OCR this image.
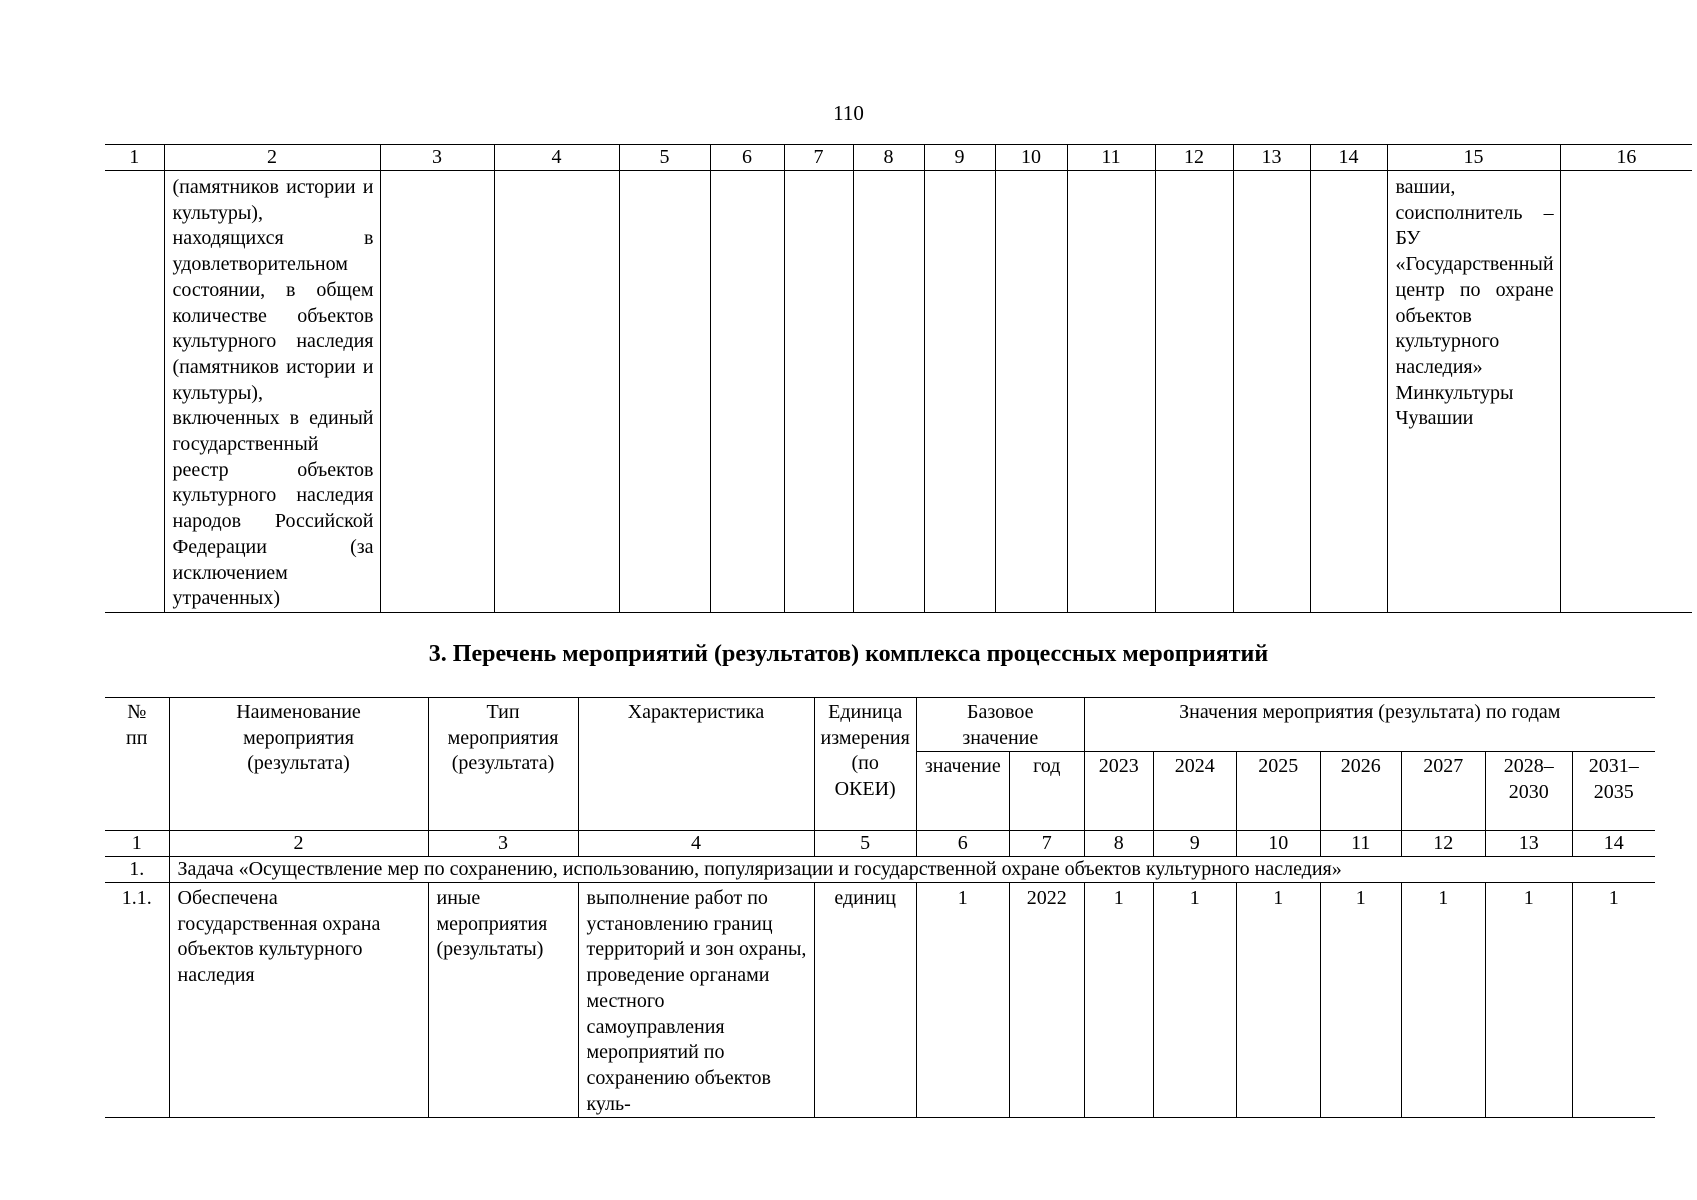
110
1	2	3	4	5	6	7	8	9	10	11	12	13	14	15	16
	(памятников истории и культуры), находящихся в удовлетворительном состоянии, в общем количестве объектов культурного наследия (памятников истории и культуры), включенных в единый государственный реестр объектов культурного наследия народов Российской Федерации (за исключением утраченных)													вашии, соисполнитель – БУ «Государственный центр по охране объектов культурного наследия» Минкультуры Чувашии	
3. Перечень мероприятий (результатов) комплекса процессных мероприятий
№ пп	Наименование мероприятия (результата)	Тип мероприятия (результата)	Характеристика	Единица измерения (по ОКЕИ)	Базовое значение		Значения мероприятия (результата) по годам						
					значение	год	2023	2024	2025	2026	2027	2028–2030	2031–2035
1	2	3	4	5	6	7	8	9	10	11	12	13	14
1.	Задача «Осуществление мер по сохранению, использованию, популяризации и государственной охране объектов культурного наследия»												
1.1.	Обеспечена государственная охрана объектов культурного наследия	иные мероприятия (результаты)	выполнение работ по установлению границ территорий и зон охраны, проведение органами местного самоуправления мероприятий по сохранению объектов куль-	единиц	1	2022	1	1	1	1	1	1	1
